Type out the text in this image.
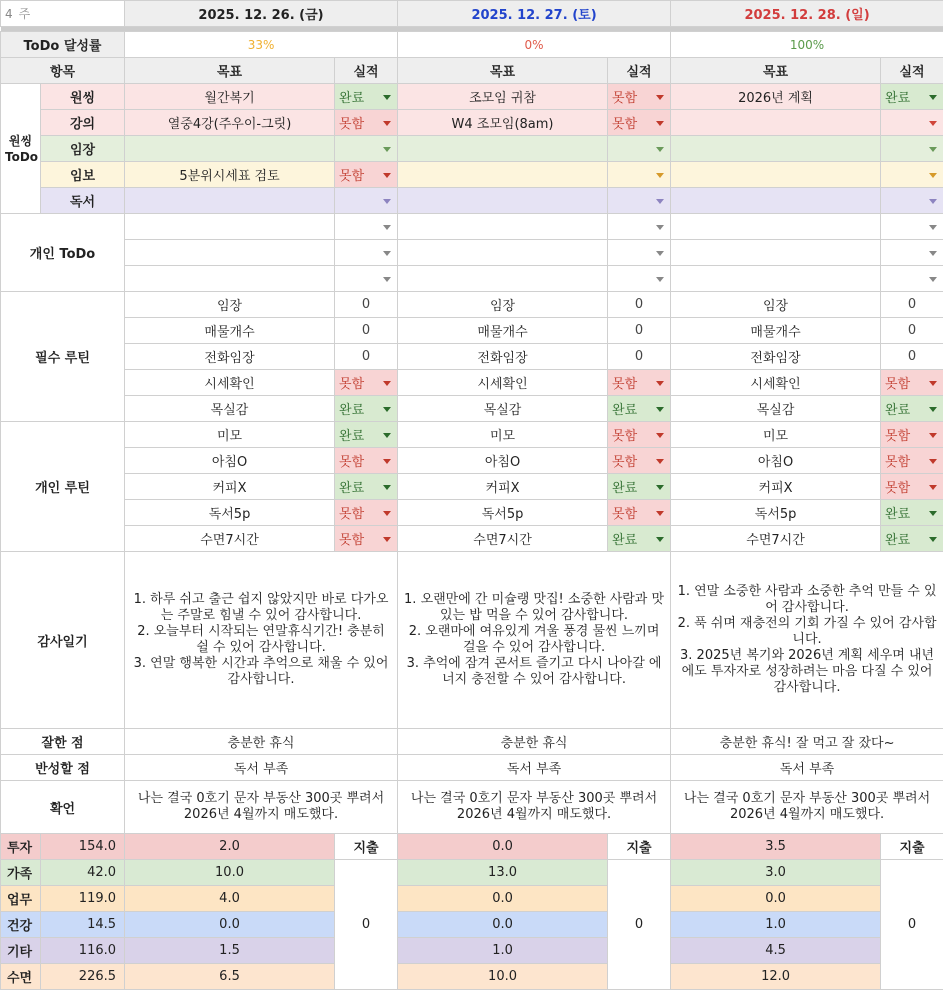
4 주		2025. 12. 26. (금)		2025. 12. 27. (토)		2025. 12. 28. (일)	

ToDo 달성률		33%		0%		100%	
항목		목표	실적	목표	실적	목표	실적
원씽 ToDo	원씽	월간복기	완료	조모임 귀참	못함	2026년 계획	완료

	강의	열중4강(주우이-그릿)	못함	W4 조모임(8am)	못함

	임장		

	임보	5분위시세표 검토	못함

	독서		

개인 ToDo			

필수 루틴		임장	0	임장	0	임장	0
		매물개수	0	매물개수	0	매물개수	0
		전화임장	0	전화임장	0	전화임장	0
		시세확인	못함	시세확인	못함	시세확인	못함

		목실감	완료	목실감	완료	목실감	완료

개인 루틴		미모	완료	미모	못함	미모	못함

		아침O	못함	아침O	못함	아침O	못함

		커피X	완료	커피X	완료	커피X	못함

		독서5p	못함	독서5p	못함	독서5p	완료

		수면7시간	못함	수면7시간	완료	수면7시간	완료

감사일기		1. 하루 쉬고 출근 쉽지 않았지만 바로 다가오는 주말로 힘낼 수 있어 감사합니다.
2. 오늘부터 시작되는 연말휴식기간! 충분히 쉴 수 있어 감사합니다.
3. 연말 행복한 시간과 추억으로 채울 수 있어 감사합니다.		1. 오랜만에 간 미슐랭 맛집! 소중한 사람과 맛있는 밥 먹을 수 있어 감사합니다.
2. 오랜마에 여유있게 겨울 풍경 물씬 느끼며 걸을 수 있어 감사합니다.
3. 추억에 잠겨 콘서트 즐기고 다시 나아갈 에너지 충전할 수 있어 감사합니다.		1. 연말 소중한 사람과 소중한 추억 만들 수 있어 감사합니다.
2. 푹 쉬며 재충전의 기회 가질 수 있어 감사합니다.
3. 2025년 복기와 2026년 계획 세우며 내년에도 투자자로 성장하려는 마음 다질 수 있어 감사합니다.	
잘한 점		충분한 휴식		충분한 휴식		충분한 휴식! 잘 먹고 잘 잤다~	
반성할 점		독서 부족		독서 부족		독서 부족	
확언		나는 결국 0호기 문자 부동산 300곳 뿌려서 2026년 4월까지 매도했다.		나는 결국 0호기 문자 부동산 300곳 뿌려서 2026년 4월까지 매도했다.		나는 결국 0호기 문자 부동산 300곳 뿌려서 2026년 4월까지 매도했다.	
투자	154.0	2.0	지출	0.0	지출	3.5	지출
가족	42.0	10.0	0	13.0	0	3.0	0
업무	119.0	4.0		0.0		0.0	
건강	14.5	0.0		0.0		1.0	
기타	116.0	1.5		1.0		4.5	
수면	226.5	6.5		10.0		12.0	
